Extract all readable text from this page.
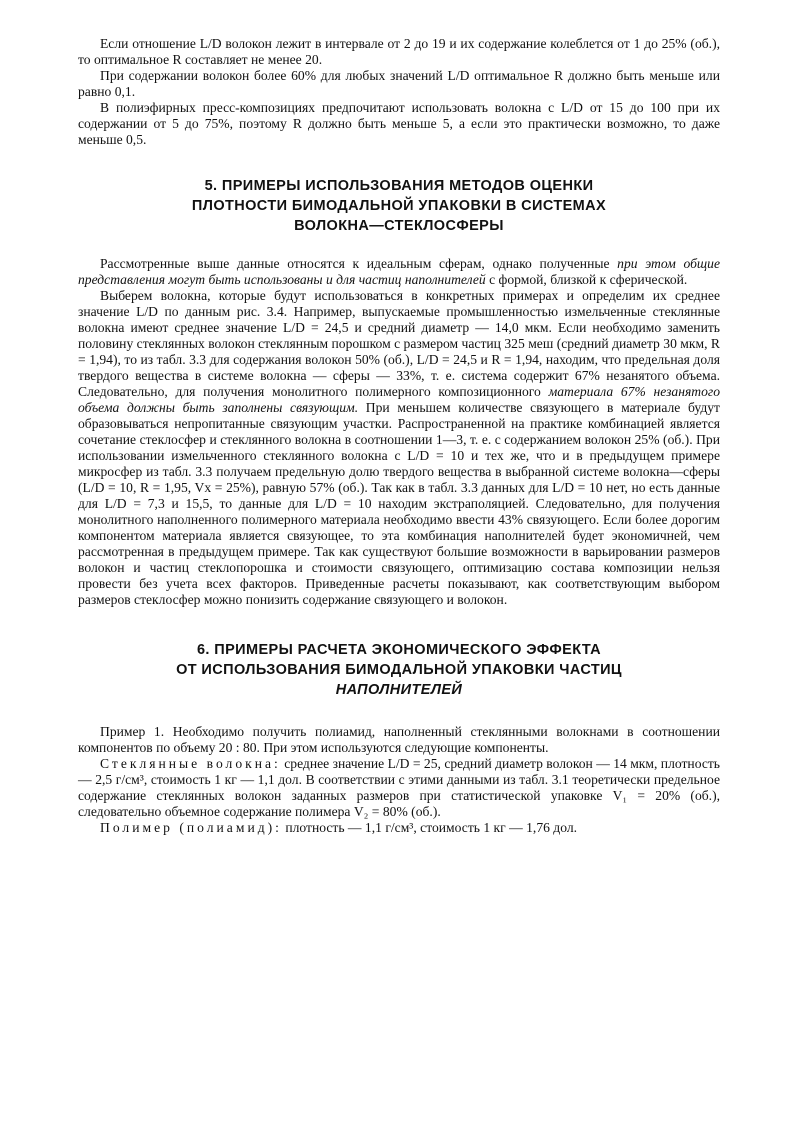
Если отношение L/D волокон лежит в интервале от 2 до 19 и их содержание колеблется от 1 до 25% (об.), то оптимальное R составляет не менее 20.

При содержании волокон более 60% для любых значений L/D оптимальное R должно быть меньше или равно 0,1.

В полиэфирных пресс-композициях предпочитают использовать волокна с L/D от 15 до 100 при их содержании от 5 до 75%, поэтому R должно быть меньше 5, а если это практически возможно, то даже меньше 0,5.

5. ПРИМЕРЫ ИСПОЛЬЗОВАНИЯ МЕТОДОВ ОЦЕНКИ
ПЛОТНОСТИ БИМОДАЛЬНОЙ УПАКОВКИ В СИСТЕМАХ
ВОЛОКНА—СТЕКЛОСФЕРЫ

Рассмотренные выше данные относятся к идеальным сферам, однако полученные при этом общие представления могут быть использованы и для частиц наполнителей с формой, близкой к сферической.

Выберем волокна, которые будут использоваться в конкретных примерах и определим их среднее значение L/D по данным рис. 3.4. Например, выпускаемые промышленностью измельченные стеклянные волокна имеют среднее значение L/D = 24,5 и средний диаметр — 14,0 мкм. Если необходимо заменить половину стеклянных волокон стеклянным порошком с размером частиц 325 меш (средний диаметр 30 мкм, R = 1,94), то из табл. 3.3 для содержания волокон 50% (об.), L/D = 24,5 и R = 1,94, находим, что предельная доля твердого вещества в системе волокна — сферы — 33%, т. е. система содержит 67% незанятого объема. Следовательно, для получения монолитного полимерного композиционного материала 67% незанятого объема должны быть заполнены связующим. При меньшем количестве связующего в материале будут образовываться непропитанные связующим участки. Распространенной на практике комбинацией является сочетание стеклосфер и стеклянного волокна в соотношении 1—3, т. е. с содержанием волокон 25% (об.). При использовании измельченного стеклянного волокна с L/D = 10 и тех же, что и в предыдущем примере микросфер из табл. 3.3 получаем предельную долю твердого вещества в выбранной системе волокна—сферы (L/D = 10, R = 1,95, Vx = 25%), равную 57% (об.). Так как в табл. 3.3 данных для L/D = 10 нет, но есть данные для L/D = 7,3 и 15,5, то данные для L/D = 10 находим экстраполяцией. Следовательно, для получения монолитного наполненного полимерного материала необходимо ввести 43% связующего. Если более дорогим компонентом материала является связующее, то эта комбинация наполнителей будет экономичней, чем рассмотренная в предыдущем примере. Так как существуют большие возможности в варьировании размеров волокон и частиц стеклопорошка и стоимости связующего, оптимизацию состава композиции нельзя провести без учета всех факторов. Приведенные расчеты показывают, как соответствующим выбором размеров стеклосфер можно понизить содержание связующего и волокон.

6. ПРИМЕРЫ РАСЧЕТА ЭКОНОМИЧЕСКОГО ЭФФЕКТА
ОТ ИСПОЛЬЗОВАНИЯ БИМОДАЛЬНОЙ УПАКОВКИ ЧАСТИЦ
НАПОЛНИТЕЛЕЙ

Пример 1. Необходимо получить полиамид, наполненный стеклянными волокнами в соотношении компонентов по объему 20 : 80. При этом используются следующие компоненты.

Стеклянные волокна: среднее значение L/D = 25, средний диаметр волокон — 14 мкм, плотность — 2,5 г/см³, стоимость 1 кг — 1,1 дол. В соответствии с этими данными из табл. 3.1 теоретически предельное содержание стеклянных волокон заданных размеров при статистической упаковке V₁ = 20% (об.), следовательно объемное содержание полимера V₂ = 80% (об.).

Полимер (полиамид): плотность — 1,1 г/см³, стоимость 1 кг — 1,76 дол.
